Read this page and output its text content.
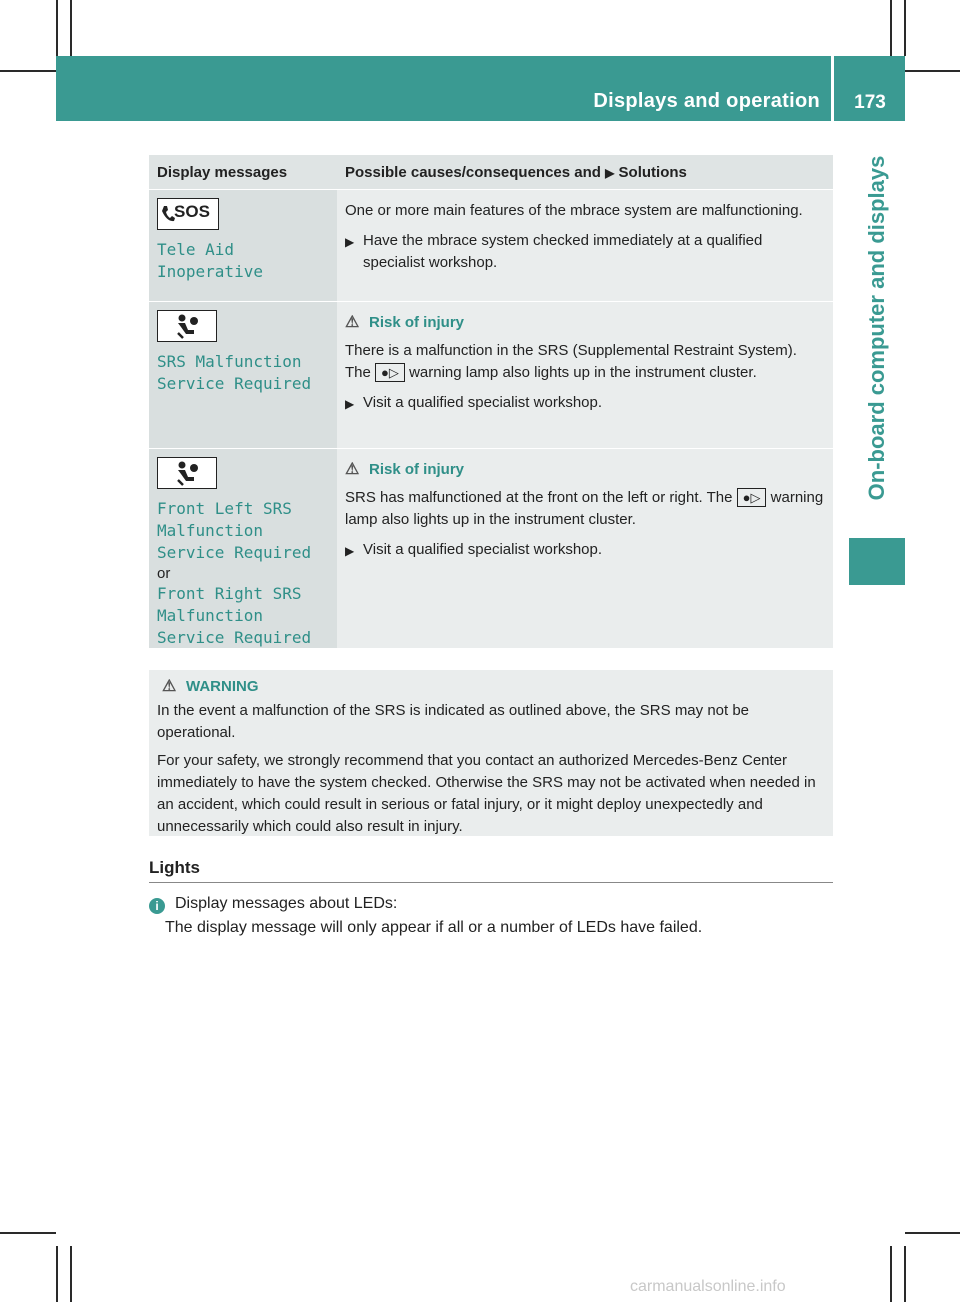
Displays and operation	173
On-board computer and displays
Display messages	Possible causes/consequences and ▶ Solutions
SOS
Tele Aid
Inoperative

One or more main features of the mbrace system are malfunctioning.

▶ Have the mbrace system checked immediately at a qualified specialist workshop.
SRS Malfunction
Service Required
⚠ Risk of injury

There is a malfunction in the SRS (Supplemental Restraint System). The ●▷ warning lamp also lights up in the instrument cluster.

▶ Visit a qualified specialist workshop.
Front Left SRS
Malfunction
Service Required
or
Front Right SRS
Malfunction
Service Required
⚠ Risk of injury

SRS has malfunctioned at the front on the left or right. The ●▷ warning lamp also lights up in the instrument cluster.

▶ Visit a qualified specialist workshop.
⚠ WARNING

In the event a malfunction of the SRS is indicated as outlined above, the SRS may not be operational.

For your safety, we strongly recommend that you contact an authorized Mercedes-Benz Center immediately to have the system checked. Otherwise the SRS may not be activated when needed in an accident, which could result in serious or fatal injury, or it might deploy unexpectedly and unnecessarily which could also result in injury.

Lights
i Display messages about LEDs:
The display message will only appear if all or a number of LEDs have failed.
carmanualsonline.info
